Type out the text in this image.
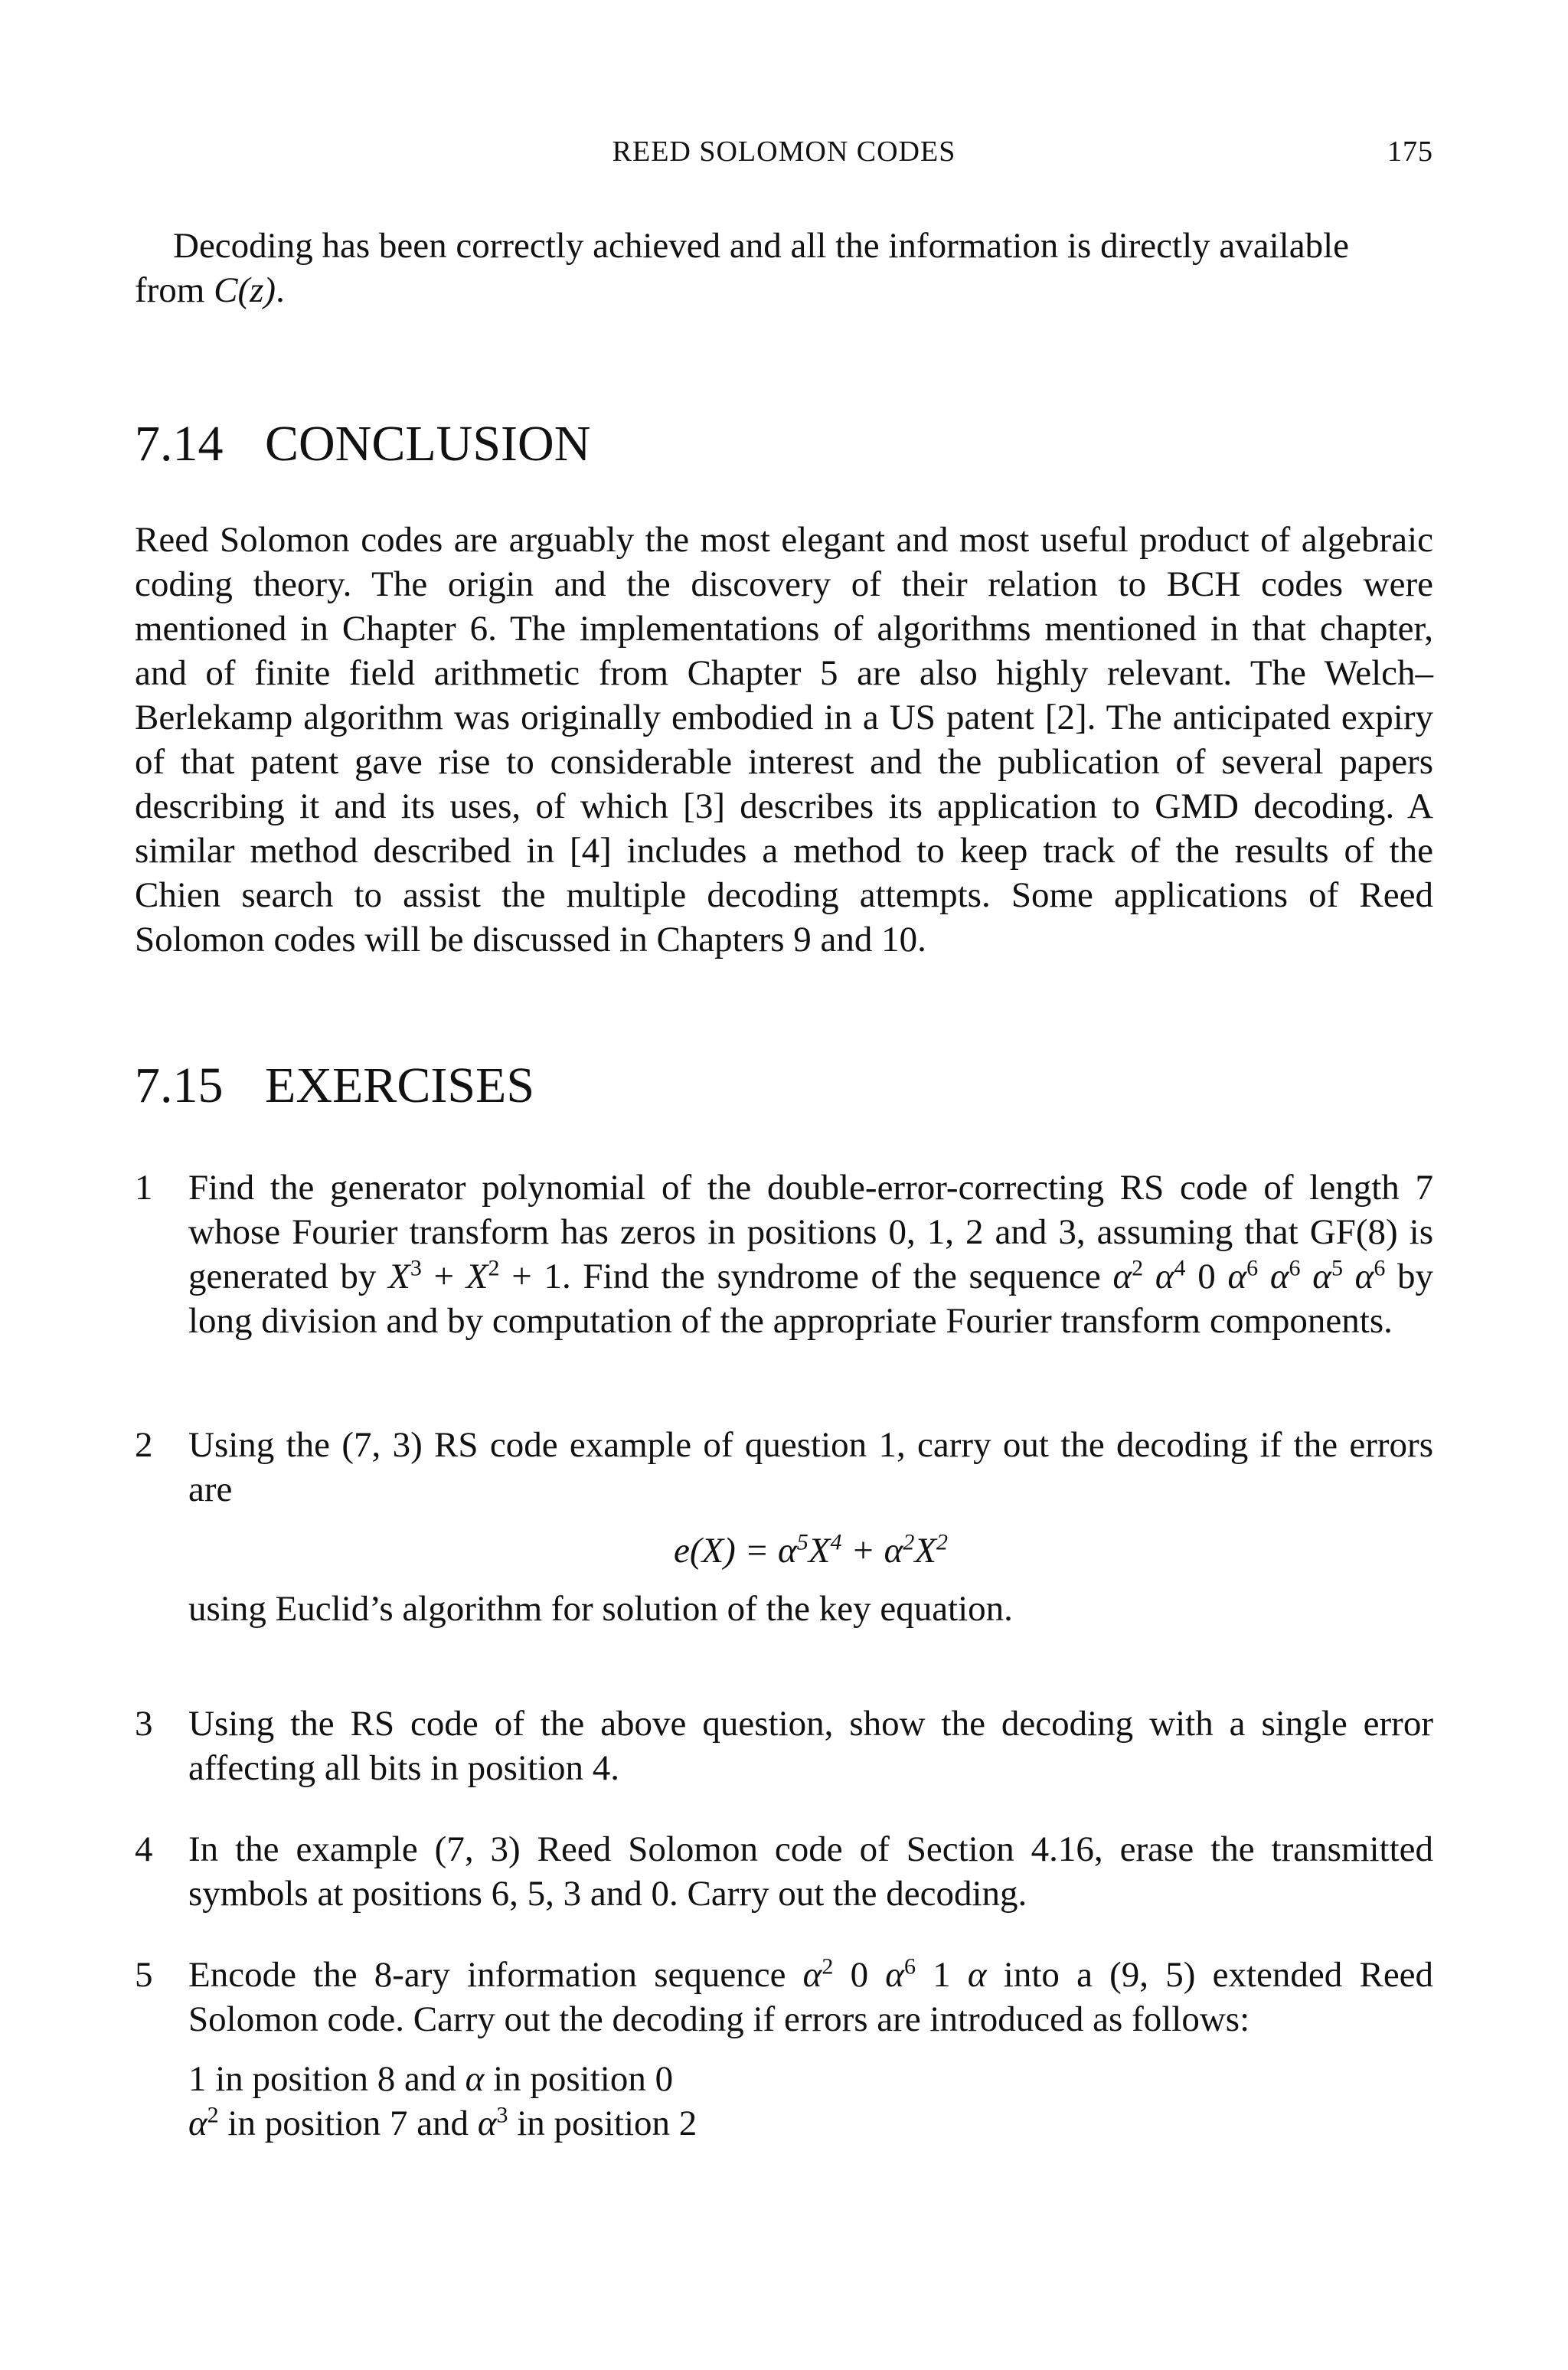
REED SOLOMON CODES	175

Decoding has been correctly achieved and all the information is directly available

from C(z).

7.14 CONCLUSION

Reed Solomon codes are arguably the most elegant and most useful product of algebraic coding theory. The origin and the discovery of their relation to BCH codes were mentioned in Chapter 6. The implementations of algorithms mentioned in that chapter, and of finite field arithmetic from Chapter 5 are also highly relevant. The Welch–Berlekamp algorithm was originally embodied in a US patent [2]. The anticipated expiry of that patent gave rise to considerable interest and the publication of several papers describing it and its uses, of which [3] describes its application to GMD decoding. A similar method described in [4] includes a method to keep track of the results of the Chien search to assist the multiple decoding attempts. Some applications of Reed Solomon codes will be discussed in Chapters 9 and 10.

7.15 EXERCISES
1 Find the generator polynomial of the double-error-correcting RS code of length 7 whose Fourier transform has zeros in positions 0, 1, 2 and 3, assuming that GF(8) is generated by $X^3 + X^2 + 1$. Find the syndrome of the sequence $\alpha^2$ $\alpha^4$ 0 $\alpha^6$ $\alpha^6$ $\alpha^5$ $\alpha^6$ by long division and by computation of the appropriate Fourier transform components.
2 Using the (7, 3) RS code example of question 1, carry out the decoding if the errors are
$e(X) = \alpha^5X^4 + \alpha^2X^2$
using Euclid’s algorithm for solution of the key equation.
3 Using the RS code of the above question, show the decoding with a single error affecting all bits in position 4.
4 In the example (7, 3) Reed Solomon code of Section 4.16, erase the transmitted symbols at positions 6, 5, 3 and 0. Carry out the decoding.
5 Encode the 8-ary information sequence $\alpha^2$ 0 $\alpha^6$ 1 α into a (9, 5) extended Reed Solomon code. Carry out the decoding if errors are introduced as follows:

1 in position 8 and α in position 0

$\alpha^2$ in position 7 and $\alpha^3$ in position 2
